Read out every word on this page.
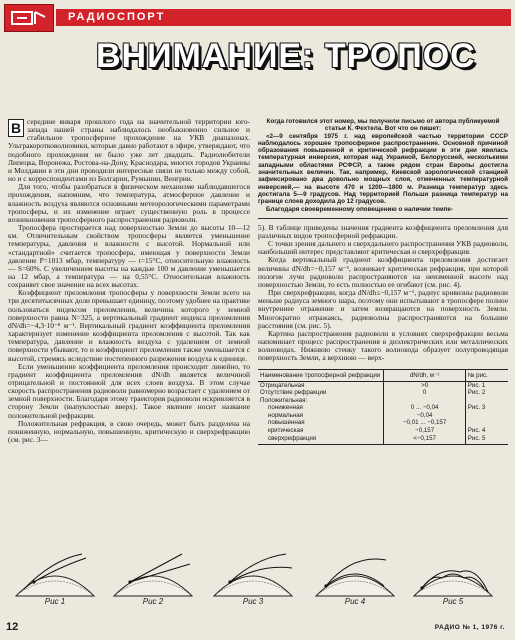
РАДИОСПОРТ
ВНИМАНИЕ: ТРОПОС
В середине января прошлого года на значительной территории юго-запада нашей страны наблюдалось необыкновенно сильное и стабильное тропосферное прохождение на УКВ диапазонах. Ультракоротковолновики, которые давно работают в эфире, утверждают, что подобного прохождения не было уже лет двадцать. Радиолюбители Липецка, Воронежа, Ростова-на-Дону, Краснодара, многих городов Украины и Молдавии в эти дни проводили интересные связи не только между собой, но и с корреспондентами из Болгарии, Румынии, Венгрии.

Для того, чтобы разобраться в физическом механизме наблюдавшегося прохождения, напомним, что температура, атмосферное давление и влажность воздуха являются основными метеорологическими параметрами тропосферы, и их изменение играет существенную роль в процессе возникновения тропосферного распространения радиоволн.

Тропосфера простирается над поверхностью Земли до высоты 10—12 км. Отличительным свойством тропосферы является уменьшение температуры, давления и влажности с высотой. Нормальной или «стандартной» считается тропосфера, имеющая у поверхности Земли давление P=1013 мбар, температуру — t=15°C, относительную влажность — S=60%. С увеличением высоты на каждые 100 м давление уменьшается на 12 мбар, а температура — на 0,55°С. Относительная влажность сохраняет свое значение на всех высотах.

Коэффициент преломления тропосферы у поверхности Земли всего на три десятитысячных доли превышает единицу, поэтому удобнее на практике пользоваться индексом преломления, величина которого у земной поверхности равна N=325, а вертикальный градиент индекса преломления dN/dh=−4,3·10⁻⁸ м⁻¹. Вертикальный градиент коэффициента преломления характеризует изменение коэффициента преломления с высотой. Так как температура, давление и влажность воздуха с удалением от земной поверхности убывают, то и коэффициент преломления также уменьшается с высотой, стремясь вследствие постепенного разрежения воздуха к единице.

Если уменьшение коэффициента преломления происходит линейно, то градиент коэффициента преломления dN/dh является величиной отрицательной и постоянной для всех слоев воздуха. В этом случае скорость распространения радиоволн равномерно возрастает с удалением от земной поверхности. Благодаря этому траектория радиоволн искривляется в сторону Земли (выпуклостью вверх). Такое явление носит название положительной рефракции.

Положительная рефракция, в свою очередь, может быть разделена на пониженную, нормальную, повышенную, критическую и сверхрефракцию (см. рис. 3—

Когда готовился этот номер, мы получили письмо от автора публикуемой статьи К. Фехтела. Вот что он пишет:

«2—9 сентября 1975 г. над европейской частью территории СССР наблюдалось хорошее тропосферное распространение. Основной причиной образования повышенной и критической рефракции в эти дни явилась температурная инверсия, которая над Украиной, Белоруссией, несколькими западными областями РСФСР, а также рядом стран Европы достигла значительных величин. Так, например, Киевской аэрологической станцией зафиксировано два довольно мощных слоя, отмеченных температурной инверсией,— на высоте 470 и 1200—1800 м. Разница температур здесь достигала 5—9 градусов. Над территорией Польши разница температур на границе слоев доходила до 12 градусов.

Благодаря своевременному оповещению о наличии темпе-

5). В таблице приведены значения градиента коэффициента преломления для различных видов тропосферной рефракции.

С точки зрения дальнего и сверхдальнего распространения УКВ радиоволн, наибольший интерес представляют критическая и сверхрефракция.

Когда вертикальный градиент коэффициента преломления достигает величины dN/dh=−0,157 м⁻¹, возникает критическая рефракция, при которой пологие лучи радиоволн распространяются на неизменной высоте над поверхностью Земли, то есть полностью ее огибают (см. рис. 4).

При сверхрефракции, когда dN/dh≤−0,157 м⁻¹, радиус кривизны радиоволн меньше радиуса земного шара, поэтому они испытывают в тропосфере полное внутреннее отражение и затем возвращаются на поверхность Земли. Многократно отражаясь, радиоволны распространяются на большие расстояния (см. рис. 5).

Картина распространения радиоволн в условиях сверхрефракции весьма напоминает процесс распространения в диэлектрических или металлических волноводах. Нижнюю стенку такого волновода образует полупроводящая поверхность Земли, а верхнюю — верх-

Наименование тропосферной рефракции	dN/dh, м⁻¹	№ рис.
Отрицательная	>0	Рис. 1
Отсутствие рефракции	0	Рис. 2
Положительная:		
пониженная	0 ... −0,04	Рис. 3
нормальная	−0,04	
повышенная	−0,01 ... −0,157	
критическая	−0,157	Рис. 4
сверхрефракция	<−0,157	Рис. 5
Рис 1	Рис 2	Рис 3	Рис 4	Рис 5
12	РАДИО № 1, 1976 г.
